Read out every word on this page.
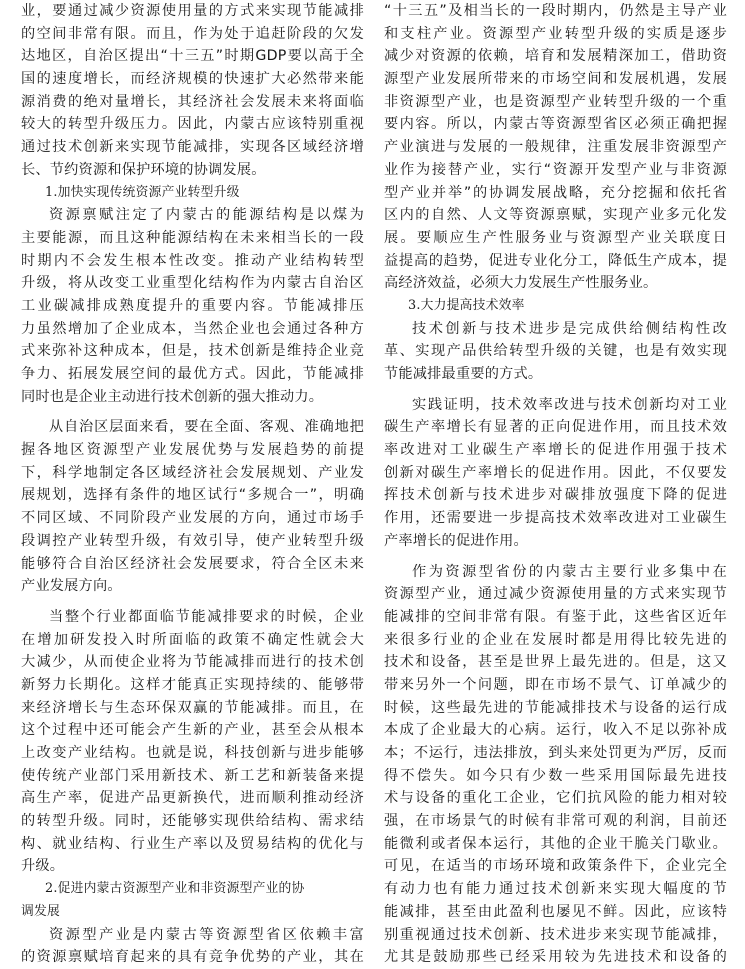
业，要通过减少资源使用量的方式来实现节能减排
的空间非常有限。而且，作为处于追赶阶段的欠发
达地区，自治区提出“十三五”时期GDP要以高于全
国的速度增长，而经济规模的快速扩大必然带来能
源消费的绝对量增长，其经济社会发展未来将面临
较大的转型升级压力。因此，内蒙古应该特别重视
通过技术创新来实现节能减排，实现各区域经济增
长、节约资源和保护环境的协调发展。
1.加快实现传统资源产业转型升级
资源禀赋注定了内蒙古的能源结构是以煤为
主要能源，而且这种能源结构在未来相当长的一段
时期内不会发生根本性改变。推动产业结构转型
升级，将从改变工业重型化结构作为内蒙古自治区
工业碳减排成熟度提升的重要内容。节能减排压
力虽然增加了企业成本，当然企业也会通过各种方
式来弥补这种成本，但是，技术创新是维持企业竞
争力、拓展发展空间的最优方式。因此，节能减排
同时也是企业主动进行技术创新的强大推动力。
从自治区层面来看，要在全面、客观、准确地把
握各地区资源型产业发展优势与发展趋势的前提
下，科学地制定各区域经济社会发展规划、产业发
展规划，选择有条件的地区试行“多规合一”，明确
不同区域、不同阶段产业发展的方向，通过市场手
段调控产业转型升级，有效引导，使产业转型升级
能够符合自治区经济社会发展要求，符合全区未来
产业发展方向。
当整个行业都面临节能减排要求的时候，企业
在增加研发投入时所面临的政策不确定性就会大
大减少，从而使企业将为节能减排而进行的技术创
新努力长期化。这样才能真正实现持续的、能够带
来经济增长与生态环保双赢的节能减排。而且，在
这个过程中还可能会产生新的产业，甚至会从根本
上改变产业结构。也就是说，科技创新与进步能够
使传统产业部门采用新技术、新工艺和新装备来提
高生产率，促进产品更新换代，进而顺利推动经济
的转型升级。同时，还能够实现供给结构、需求结
构、就业结构、行业生产率以及贸易结构的优化与
升级。
2.促进内蒙古资源型产业和非资源型产业的协
调发展
资源型产业是内蒙古等资源型省区依赖丰富
的资源禀赋培育起来的具有竞争优势的产业，其在
“十三五”及相当长的一段时期内，仍然是主导产业
和支柱产业。资源型产业转型升级的实质是逐步
减少对资源的依赖，培育和发展精深加工，借助资
源型产业发展所带来的市场空间和发展机遇，发展
非资源型产业，也是资源型产业转型升级的一个重
要内容。所以，内蒙古等资源型省区必须正确把握
产业演进与发展的一般规律，注重发展非资源型产
业作为接替产业，实行“资源开发型产业与非资源
型产业并举”的协调发展战略，充分挖掘和依托省
区内的自然、人文等资源禀赋，实现产业多元化发
展。要顺应生产性服务业与资源型产业关联度日
益提高的趋势，促进专业化分工，降低生产成本，提
高经济效益，必须大力发展生产性服务业。
3.大力提高技术效率
技术创新与技术进步是完成供给侧结构性改
革、实现产品供给转型升级的关键，也是有效实现
节能减排最重要的方式。
实践证明，技术效率改进与技术创新均对工业
碳生产率增长有显著的正向促进作用，而且技术效
率改进对工业碳生产率增长的促进作用强于技术
创新对碳生产率增长的促进作用。因此，不仅要发
挥技术创新与技术进步对碳排放强度下降的促进
作用，还需要进一步提高技术效率改进对工业碳生
产率增长的促进作用。
作为资源型省份的内蒙古主要行业多集中在
资源型产业，通过减少资源使用量的方式来实现节
能减排的空间非常有限。有鉴于此，这些省区近年
来很多行业的企业在发展时都是用得比较先进的
技术和设备，甚至是世界上最先进的。但是，这又
带来另外一个问题，即在市场不景气、订单减少的
时候，这些最先进的节能减排技术与设备的运行成
本成了企业最大的心病。运行，收入不足以弥补成
本；不运行，违法排放，到头来处罚更为严厉，反而
得不偿失。如今只有少数一些采用国际最先进技
术与设备的重化工企业，它们抗风险的能力相对较
强，在市场景气的时候有非常可观的利润，目前还
能微利或者保本运行，其他的企业干脆关门歇业。
可见，在适当的市场环境和政策条件下，企业完全
有动力也有能力通过技术创新来实现大幅度的节
能减排，甚至由此盈利也屡见不鲜。因此，应该特
别重视通过技术创新、技术进步来实现节能减排，
尤其是鼓励那些已经采用较为先进技术和设备的
